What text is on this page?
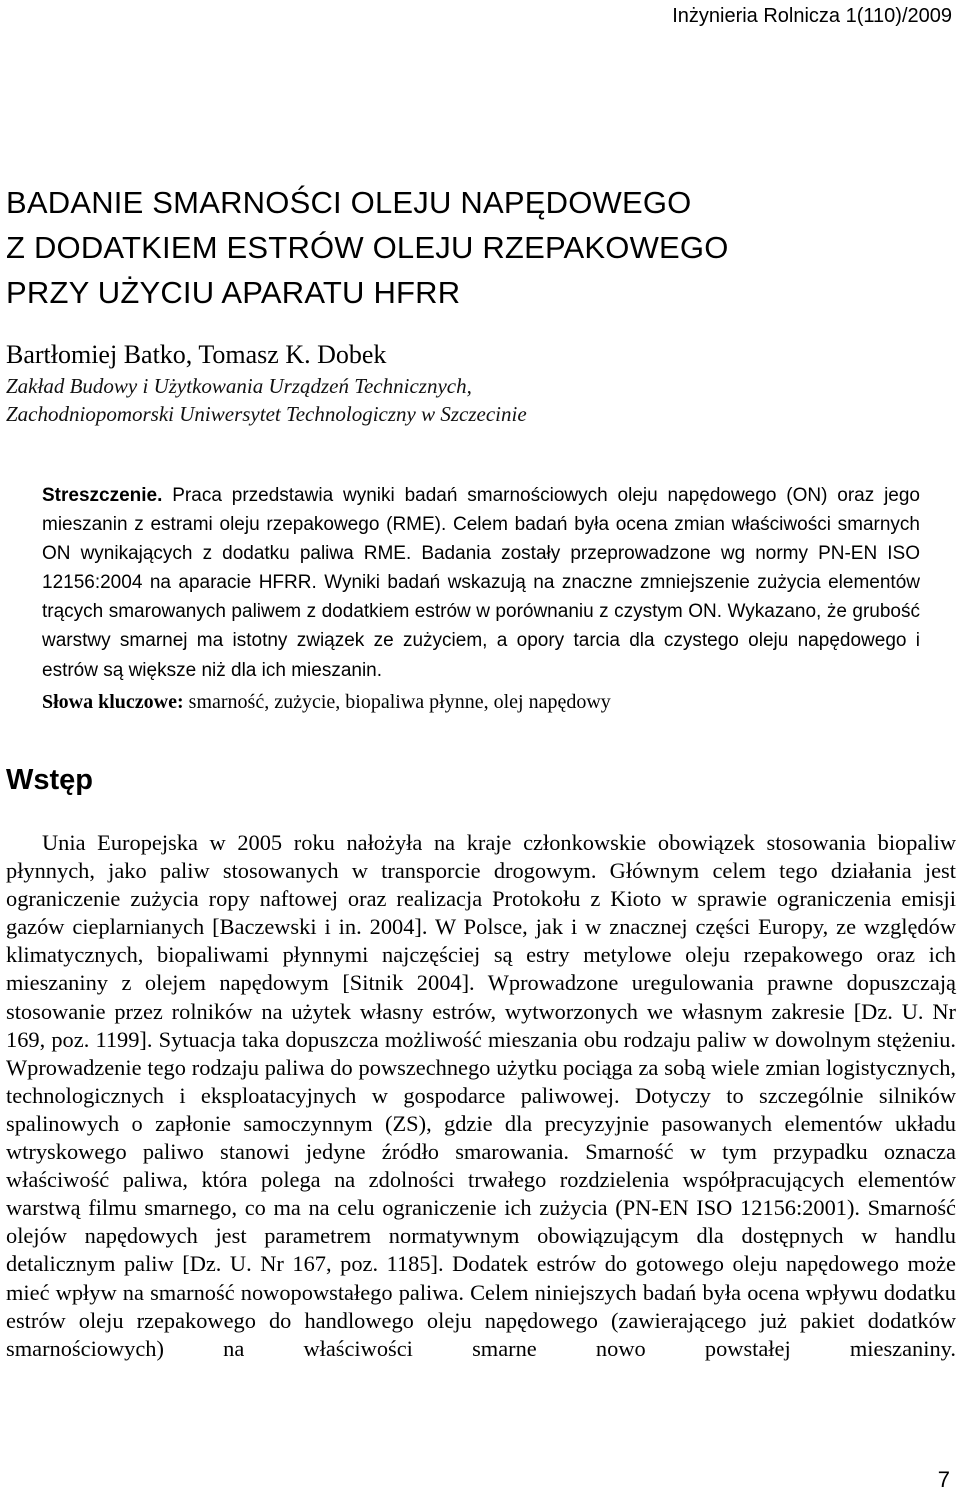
Inżynieria Rolnicza 1(110)/2009
BADANIE SMARNOŚCI OLEJU NAPĘDOWEGO
Z DODATKIEM ESTRÓW OLEJU RZEPAKOWEGO
PRZY UŻYCIU APARATU HFRR
Bartłomiej Batko, Tomasz K. Dobek
Zakład Budowy i Użytkowania Urządzeń Technicznych,
Zachodniopomorski Uniwersytet Technologiczny w Szczecinie
Streszczenie. Praca przedstawia wyniki badań smarnościowych oleju napędowego (ON) oraz jego mieszanin z estrami oleju rzepakowego (RME). Celem badań była ocena zmian właściwości smarnych ON wynikających z dodatku paliwa RME. Badania zostały przeprowadzone wg normy PN-EN ISO 12156:2004 na aparacie HFRR. Wyniki badań wskazują na znaczne zmniejszenie zużycia elementów trących smarowanych paliwem z dodatkiem estrów w porównaniu z czystym ON. Wykazano, że grubość warstwy smarnej ma istotny związek ze zużyciem, a opory tarcia dla czystego oleju napędowego i estrów są większe niż dla ich mieszanin.
Słowa kluczowe: smarność, zużycie, biopaliwa płynne, olej napędowy
Wstęp
Unia Europejska w 2005 roku nałożyła na kraje członkowskie obowiązek stosowania biopaliw płynnych, jako paliw stosowanych w transporcie drogowym. Głównym celem tego działania jest ograniczenie zużycia ropy naftowej oraz realizacja Protokołu z Kioto w sprawie ograniczenia emisji gazów cieplarnianych [Baczewski i in. 2004]. W Polsce, jak i w znacznej części Europy, ze względów klimatycznych, biopaliwami płynnymi najczęściej są estry metylowe oleju rzepakowego oraz ich mieszaniny z olejem napędowym [Sitnik 2004]. Wprowadzone uregulowania prawne dopuszczają stosowanie przez rolników na użytek własny estrów, wytworzonych we własnym zakresie [Dz. U. Nr 169, poz. 1199]. Sytuacja taka dopuszcza możliwość mieszania obu rodzaju paliw w dowolnym stężeniu. Wprowadzenie tego rodzaju paliwa do powszechnego użytku pociąga za sobą wiele zmian logistycznych, technologicznych i eksploatacyjnych w gospodarce paliwowej. Dotyczy to szczególnie silników spalinowych o zapłonie samoczynnym (ZS), gdzie dla precyzyjnie pasowanych elementów układu wtryskowego paliwo stanowi jedyne źródło smarowania. Smarność w tym przypadku oznacza właściwość paliwa, która polega na zdolności trwałego rozdzielenia współpracujących elementów warstwą filmu smarnego, co ma na celu ograniczenie ich zużycia (PN-EN ISO 12156:2001). Smarność olejów napędowych jest parametrem normatywnym obowiązującym dla dostępnych w handlu detalicznym paliw [Dz. U. Nr 167, poz. 1185]. Dodatek estrów do gotowego oleju napędowego może mieć wpływ na smarność nowopowstałego paliwa. Celem niniejszych badań była ocena wpływu dodatku estrów oleju rzepakowego do handlowego oleju napędowego (zawierającego już pakiet dodatków smarnościowych) na właściwości smarne nowo powstałej mieszaniny.
7
